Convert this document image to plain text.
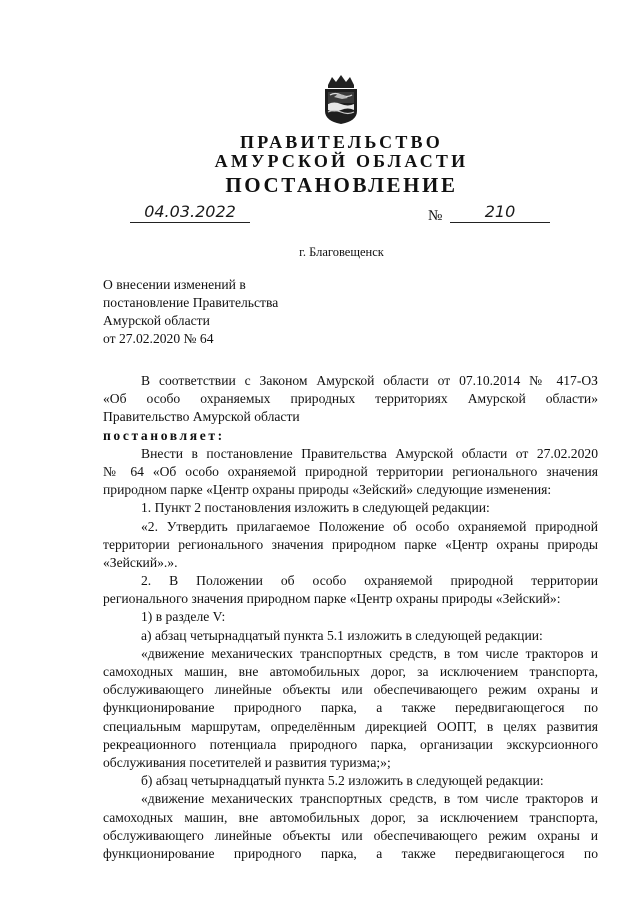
ПРАВИТЕЛЬСТВО
АМУРСКОЙ ОБЛАСТИ
ПОСТАНОВЛЕНИЕ
04.03.2022	№	210
г. Благовещенск
О внесении изменений в
постановление Правительства
Амурской области
от 27.02.2020 № 64
В соответствии с Законом Амурской области от 07.10.2014 № 417-ОЗ
«Об особо охраняемых природных территориях Амурской области»
Правительство Амурской области
постановляет:
Внести в постановление Правительства Амурской области от 27.02.2020
№ 64 «Об особо охраняемой природной территории регионального значения
природном парке «Центр охраны природы «Зейский» следующие изменения:
1. Пункт 2 постановления изложить в следующей редакции:
«2. Утвердить прилагаемое Положение об особо охраняемой природной
территории регионального значения природном парке «Центр охраны природы
«Зейский».».
2. В Положении об особо охраняемой природной территории
регионального значения природном парке «Центр охраны природы «Зейский»:
1) в разделе V:
а) абзац четырнадцатый пункта 5.1 изложить в следующей редакции:
«движение механических транспортных средств, в том числе тракторов и
самоходных машин, вне автомобильных дорог, за исключением транспорта,
обслуживающего линейные объекты или обеспечивающего режим охраны и
функционирование природного парка, а также передвигающегося по
специальным маршрутам, определённым дирекцией ООПТ, в целях развития
рекреационного потенциала природного парка, организации экскурсионного
обслуживания посетителей и развития туризма;»;
б) абзац четырнадцатый пункта 5.2 изложить в следующей редакции:
«движение механических транспортных средств, в том числе тракторов и
самоходных машин, вне автомобильных дорог, за исключением транспорта,
обслуживающего линейные объекты или обеспечивающего режим охраны и
функционирование природного парка, а также передвигающегося по
